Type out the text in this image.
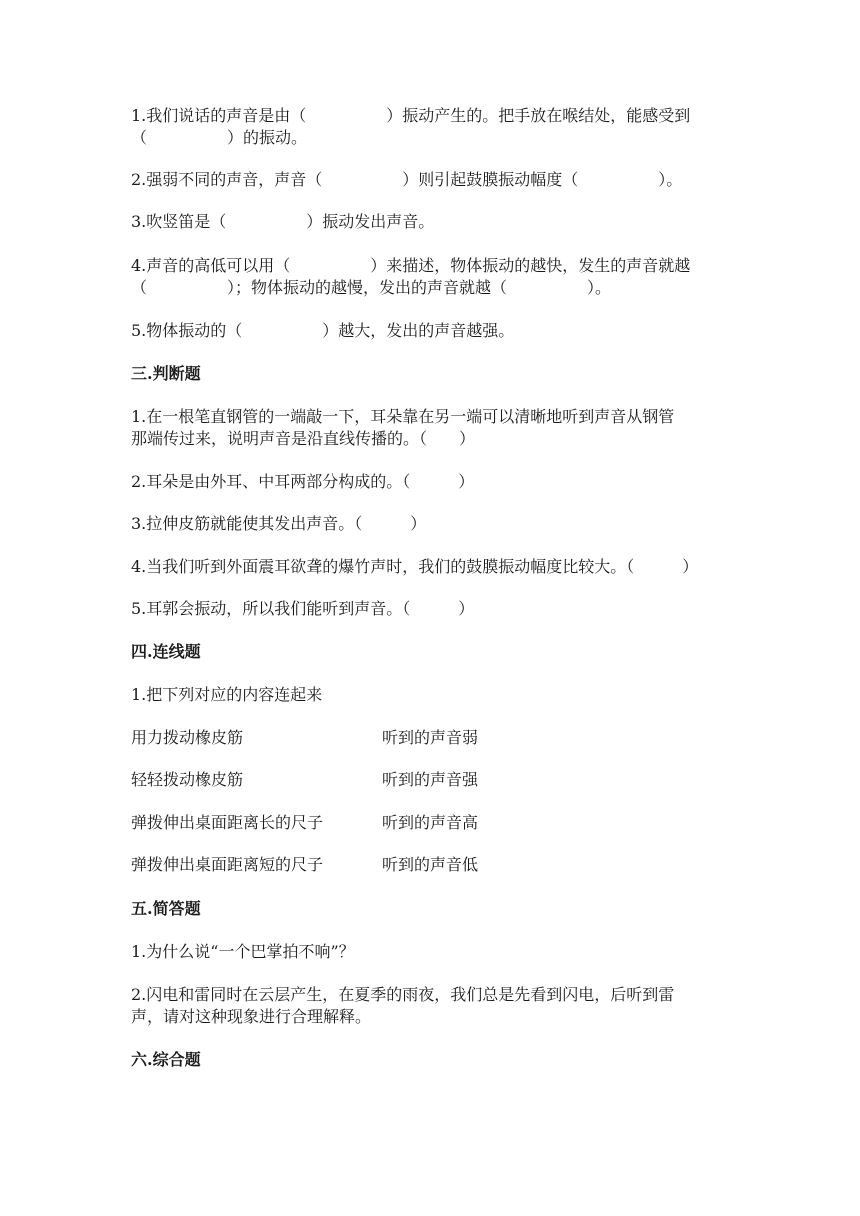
1.我们说话的声音是由（　　　　　）振动产生的。把手放在喉结处，能感受到
（　　　　　）的振动。
2.强弱不同的声音，声音（　　　　　）则引起鼓膜振动幅度（　　　　　）。
3.吹竖笛是（　　　　　）振动发出声音。
4.声音的高低可以用（　　　　　）来描述，物体振动的越快，发生的声音就越
（　　　　　）；物体振动的越慢，发出的声音就越（　　　　　）。
5.物体振动的（　　　　　）越大，发出的声音越强。
三.判断题
1.在一根笔直钢管的一端敲一下，耳朵靠在另一端可以清晰地听到声音从钢管
那端传过来，说明声音是沿直线传播的。（　　）
2.耳朵是由外耳、中耳两部分构成的。（　　　）
3.拉伸皮筋就能使其发出声音。（　　　）
4.当我们听到外面震耳欲聋的爆竹声时，我们的鼓膜振动幅度比较大。（　　　）
5.耳郭会振动，所以我们能听到声音。（　　　）
四.连线题
1.把下列对应的内容连起来
用力拨动橡皮筋	听到的声音弱
轻轻拨动橡皮筋	听到的声音强
弹拨伸出桌面距离长的尺子	听到的声音高
弹拨伸出桌面距离短的尺子	听到的声音低
五.简答题
1.为什么说“一个巴掌拍不响”？
2.闪电和雷同时在云层产生，在夏季的雨夜，我们总是先看到闪电，后听到雷
声，请对这种现象进行合理解释。
六.综合题
